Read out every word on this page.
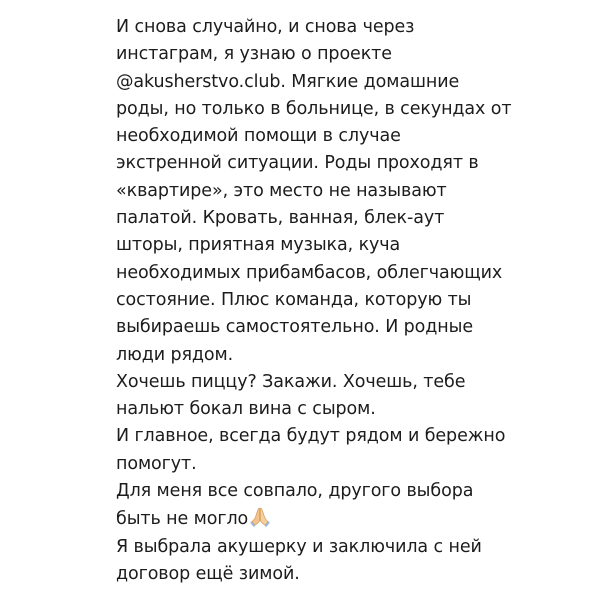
И снова случайно, и снова через
инстаграм, я узнаю о проекте
@akusherstvo.club. Мягкие домашние
роды, но только в больнице, в секундах от
необходимой помощи в случае
экстренной ситуации. Роды проходят в
«квартире», это место не называют
палатой. Кровать, ванная, блек-аут
шторы, приятная музыка, куча
необходимых прибамбасов, облегчающих
состояние. Плюс команда, которую ты
выбираешь самостоятельно. И родные
люди рядом.
Хочешь пиццу? Закажи. Хочешь, тебе
нальют бокал вина с сыром.
И главное, всегда будут рядом и бережно
помогут.
Для меня все совпало, другого выбора
быть не могло
Я выбрала акушерку и заключила с ней
договор ещё зимой.
